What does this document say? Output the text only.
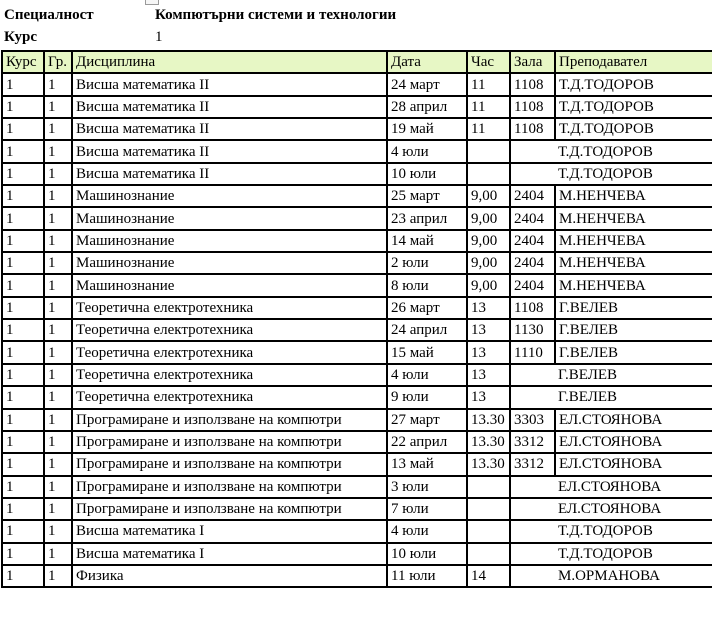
Специалност	Компютърни системи и технологии
Курс	1
Курс	Гр.	Дисциплина	Дата	Час	Зала	Преподавател
1	1	Висша математика II	24 март	11	1108	Т.Д.ТОДОРОВ
1	1	Висша математика II	28 април	11	1108	Т.Д.ТОДОРОВ
1	1	Висша математика II	19 май	11	1108	Т.Д.ТОДОРОВ
1	1	Висша математика II	4 юли			Т.Д.ТОДОРОВ
1	1	Висша математика II	10 юли			Т.Д.ТОДОРОВ
1	1	Машинознание	25 март	9,00	2404	М.НЕНЧЕВА
1	1	Машинознание	23 април	9,00	2404	М.НЕНЧЕВА
1	1	Машинознание	14 май	9,00	2404	М.НЕНЧЕВА
1	1	Машинознание	2 юли	9,00	2404	М.НЕНЧЕВА
1	1	Машинознание	8 юли	9,00	2404	М.НЕНЧЕВА
1	1	Теоретична електротехника	26 март	13	1108	Г.ВЕЛЕВ
1	1	Теоретична електротехника	24 април	13	1130	Г.ВЕЛЕВ
1	1	Теоретична електротехника	15 май	13	1110	Г.ВЕЛЕВ
1	1	Теоретична електротехника	4 юли	13		Г.ВЕЛЕВ
1	1	Теоретична електротехника	9 юли	13		Г.ВЕЛЕВ
1	1	Програмиране и използване на компютри	27 март	13.30	3303	ЕЛ.СТОЯНОВА
1	1	Програмиране и използване на компютри	22 април	13.30	3312	ЕЛ.СТОЯНОВА
1	1	Програмиране и използване на компютри	13 май	13.30	3312	ЕЛ.СТОЯНОВА
1	1	Програмиране и използване на компютри	3 юли			ЕЛ.СТОЯНОВА
1	1	Програмиране и използване на компютри	7 юли			ЕЛ.СТОЯНОВА
1	1	Висша математика I	4 юли			Т.Д.ТОДОРОВ
1	1	Висша математика I	10 юли			Т.Д.ТОДОРОВ
1	1	Физика	11 юли	14		М.ОРМАНОВА
